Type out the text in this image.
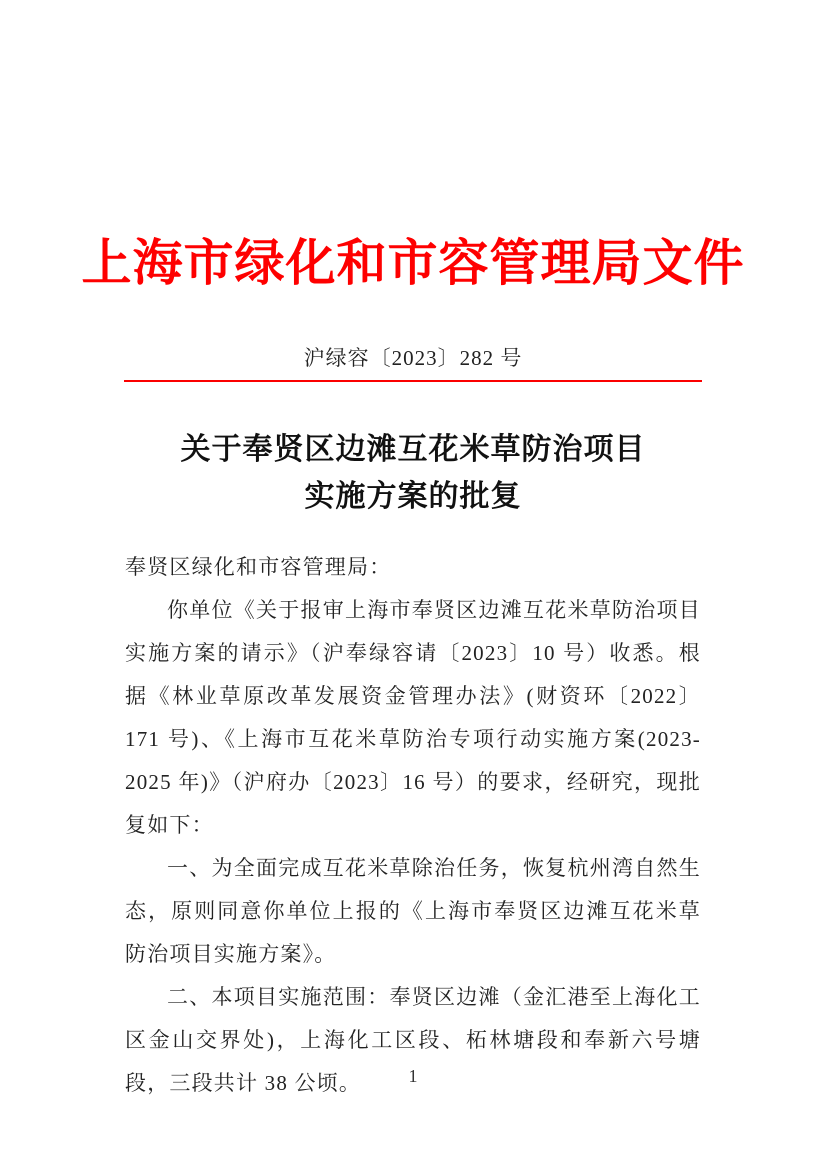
上海市绿化和市容管理局文件
沪绿容〔2023〕282 号
关于奉贤区边滩互花米草防治项目
实施方案的批复
奉贤区绿化和市容管理局：
你单位《关于报审上海市奉贤区边滩互花米草防治项目实施方案的请示》（沪奉绿容请〔2023〕10 号）收悉。根据《林业草原改革发展资金管理办法》(财资环〔2022〕171 号)、《上海市互花米草防治专项行动实施方案(2023-2025 年)》（沪府办〔2023〕16 号）的要求，经研究，现批复如下：
一、为全面完成互花米草除治任务，恢复杭州湾自然生态，原则同意你单位上报的《上海市奉贤区边滩互花米草防治项目实施方案》。
二、本项目实施范围：奉贤区边滩（金汇港至上海化工区金山交界处)，上海化工区段、柘林塘段和奉新六号塘段，三段共计 38 公顷。	1
